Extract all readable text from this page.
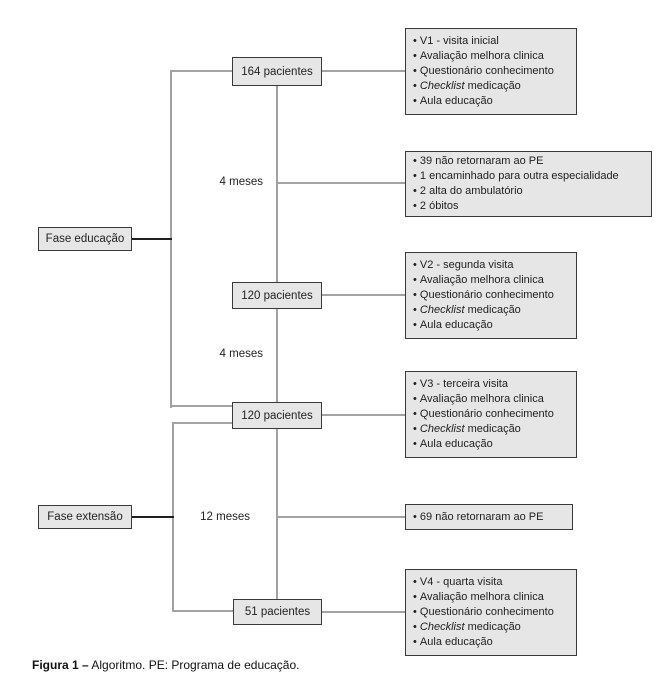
Fase educação
Fase extensão
164 pacientes
120 pacientes
120 pacientes
51 pacientes
4 meses
4 meses
12 meses
• V1 - visita inicial
• Avaliação melhora clinica
• Questionário conhecimento
• Checklist medicação
• Aula educação
• 39 não retornaram ao PE
• 1 encaminhado para outra especialidade
• 2 alta do ambulatório
• 2 óbitos
• V2 - segunda visita
• Avaliação melhora clinica
• Questionário conhecimento
• Checklist medicação
• Aula educação
• V3 - terceira visita
• Avaliação melhora clinica
• Questionário conhecimento
• Checklist medicação
• Aula educação
• 69 não retornaram ao PE
• V4 - quarta visita
• Avaliação melhora clinica
• Questionário conhecimento
• Checklist medicação
• Aula educação
Figura 1 – Algoritmo. PE: Programa de educação.
